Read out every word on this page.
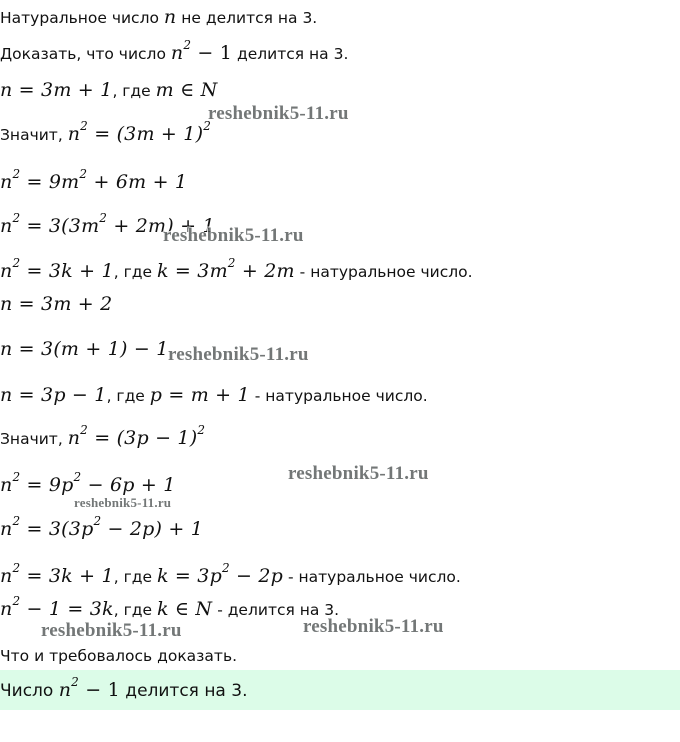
Натуральное число n не делится на 3.
Доказать, что число $n^2 - 1$ делится на 3.
n = 3m + 1, где m ∈ N
Значит, $n^2 = (3m + 1)^2$
$n^2 = 9m^2 + 6m + 1$
$n^2 = 3(3m^2 + 2m) + 1$
$n^2 = 3k + 1$, где $k = 3m^2 + 2m$ - натуральное число.
n = 3m + 2
n = 3(m + 1) − 1
n = 3p − 1, где p = m + 1 - натуральное число.
Значит, $n^2 = (3p - 1)^2$
$n^2 = 9p^2 - 6p + 1$
$n^2 = 3(3p^2 - 2p) + 1$
$n^2 = 3k + 1$, где $k = 3p^2 - 2p$ - натуральное число.
$n^2 - 1 = 3k$, где k ∈ N - делится на 3.
Что и требовалось доказать.
Число $n^2 - 1$ делится на 3.
reshebnik5-11.ru
reshebnik5-11.ru
reshebnik5-11.ru
reshebnik5-11.ru
reshebnik5-11.ru
reshebnik5-11.ru	reshebnik5-11.ru
